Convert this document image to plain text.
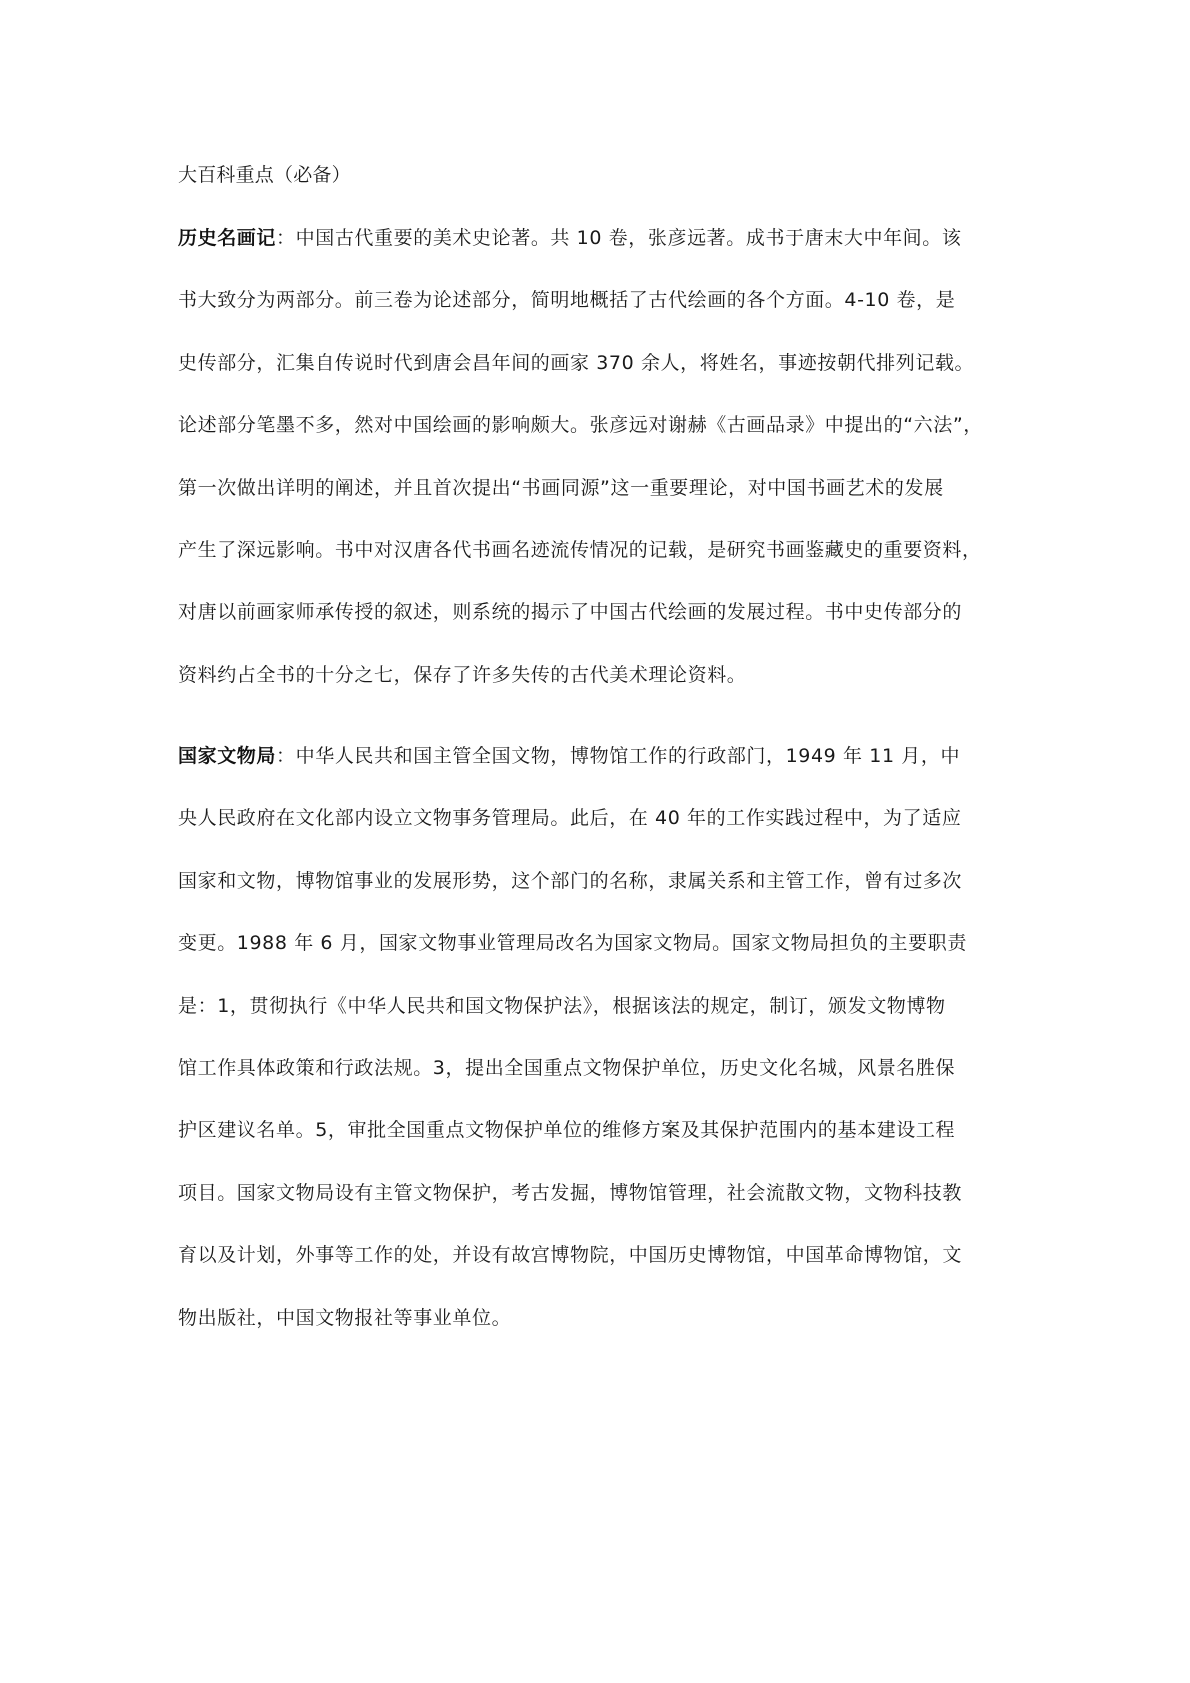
大百科重点（必备）
历史名画记：中国古代重要的美术史论著。共 10 卷，张彦远著。成书于唐末大中年间。该
书大致分为两部分。前三卷为论述部分，简明地概括了古代绘画的各个方面。4-10 卷，是
史传部分，汇集自传说时代到唐会昌年间的画家 370 余人，将姓名，事迹按朝代排列记载。
论述部分笔墨不多，然对中国绘画的影响颇大。张彦远对谢赫《古画品录》中提出的“六法”，
第一次做出详明的阐述，并且首次提出“书画同源”这一重要理论，对中国书画艺术的发展
产生了深远影响。书中对汉唐各代书画名迹流传情况的记载，是研究书画鉴藏史的重要资料，
对唐以前画家师承传授的叙述，则系统的揭示了中国古代绘画的发展过程。书中史传部分的
资料约占全书的十分之七，保存了许多失传的古代美术理论资料。
国家文物局：中华人民共和国主管全国文物，博物馆工作的行政部门，1949 年 11 月，中
央人民政府在文化部内设立文物事务管理局。此后，在 40 年的工作实践过程中，为了适应
国家和文物，博物馆事业的发展形势，这个部门的名称，隶属关系和主管工作，曾有过多次
变更。1988 年 6 月，国家文物事业管理局改名为国家文物局。国家文物局担负的主要职责
是：1，贯彻执行《中华人民共和国文物保护法》，根据该法的规定，制订，颁发文物博物
馆工作具体政策和行政法规。3，提出全国重点文物保护单位，历史文化名城，风景名胜保
护区建议名单。5，审批全国重点文物保护单位的维修方案及其保护范围内的基本建设工程
项目。国家文物局设有主管文物保护，考古发掘，博物馆管理，社会流散文物，文物科技教
育以及计划，外事等工作的处，并设有故宫博物院，中国历史博物馆，中国革命博物馆，文
物出版社，中国文物报社等事业单位。
